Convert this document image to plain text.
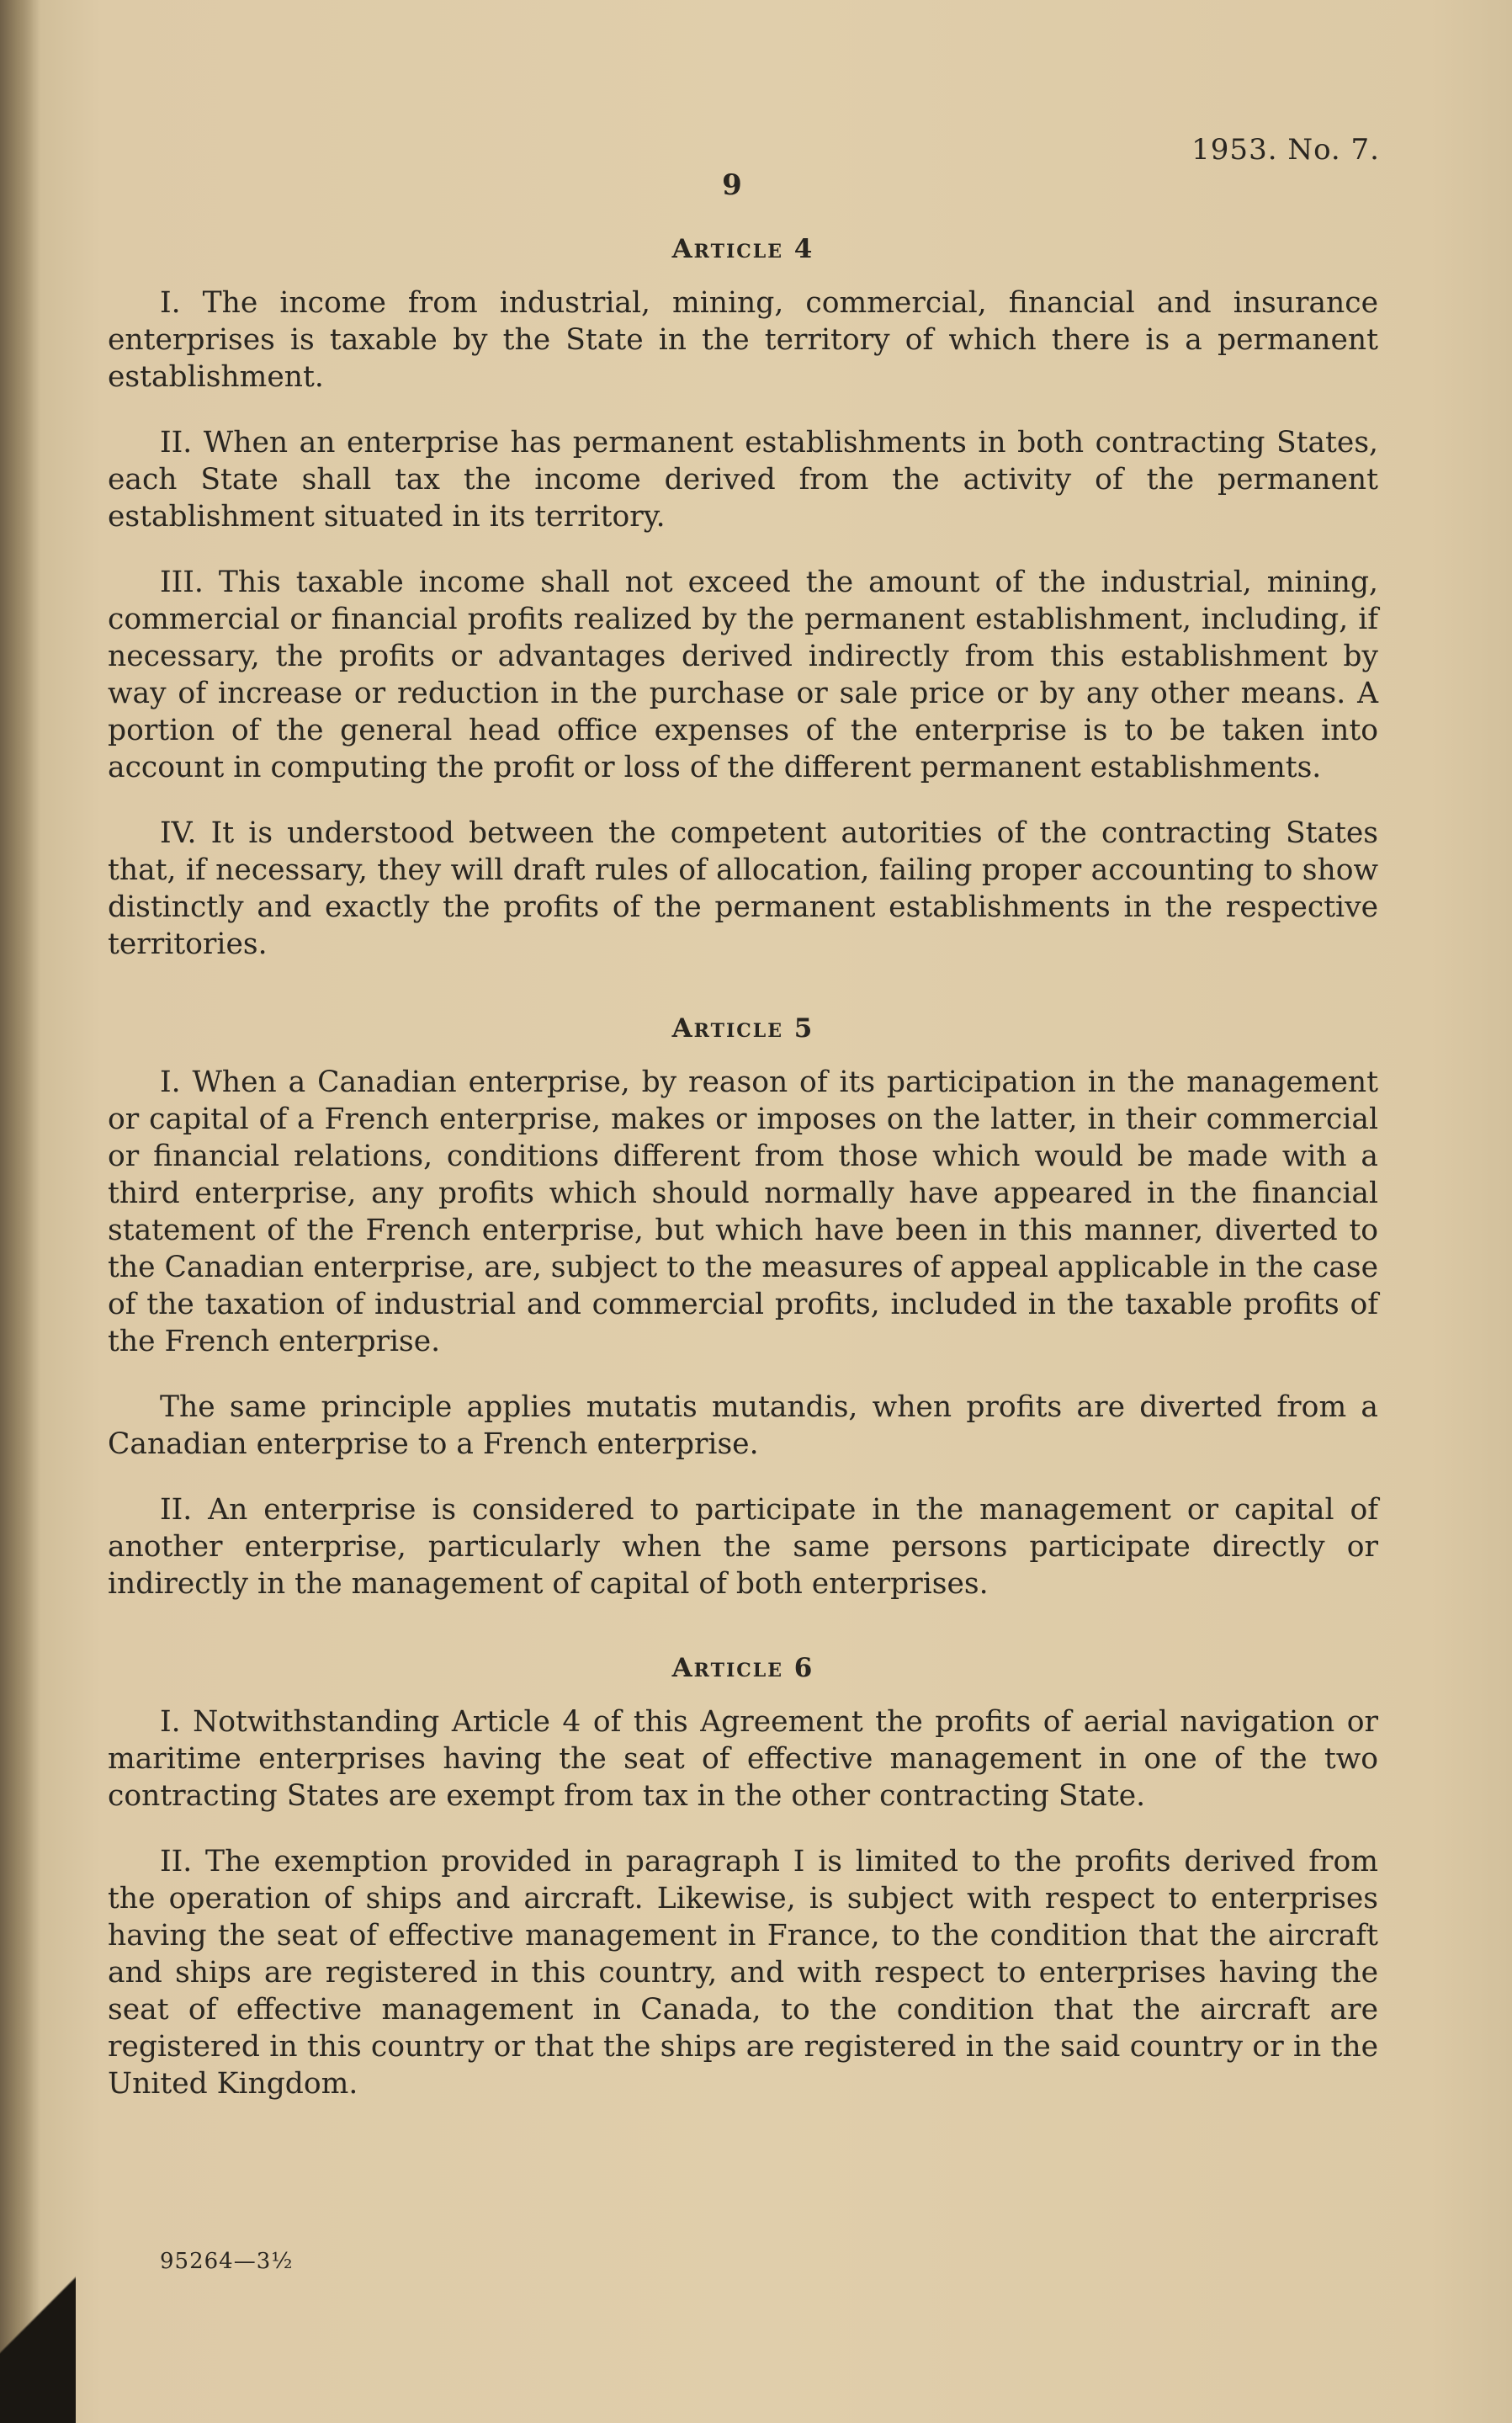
1953. No. 7.
9
Article 4

I. The income from industrial, mining, commercial, financial and insurance enterprises is taxable by the State in the territory of which there is a permanent establishment.

II. When an enterprise has permanent establishments in both contracting States, each State shall tax the income derived from the activity of the permanent establishment situated in its territory.

III. This taxable income shall not exceed the amount of the industrial, mining, commercial or financial profits realized by the permanent establishment, including, if necessary, the profits or advantages derived indirectly from this establishment by way of increase or reduction in the purchase or sale price or by any other means. A portion of the general head office expenses of the enterprise is to be taken into account in computing the profit or loss of the different permanent establishments.

IV. It is understood between the competent autorities of the contracting States that, if necessary, they will draft rules of allocation, failing proper accounting to show distinctly and exactly the profits of the permanent establishments in the respective territories.

Article 5

I. When a Canadian enterprise, by reason of its participation in the management or capital of a French enterprise, makes or imposes on the latter, in their commercial or financial relations, conditions different from those which would be made with a third enterprise, any profits which should normally have appeared in the financial statement of the French enterprise, but which have been in this manner, diverted to the Canadian enterprise, are, subject to the measures of appeal applicable in the case of the taxation of industrial and commercial profits, included in the taxable profits of the French enterprise.

The same principle applies mutatis mutandis, when profits are diverted from a Canadian enterprise to a French enterprise.

II. An enterprise is considered to participate in the management or capital of another enterprise, particularly when the same persons participate directly or indirectly in the management of capital of both enterprises.

Article 6

I. Notwithstanding Article 4 of this Agreement the profits of aerial navigation or maritime enterprises having the seat of effective management in one of the two contracting States are exempt from tax in the other contracting State.

II. The exemption provided in paragraph I is limited to the profits derived from the operation of ships and aircraft. Likewise, is subject with respect to enterprises having the seat of effective management in France, to the condition that the aircraft and ships are registered in this country, and with respect to enterprises having the seat of effective management in Canada, to the condition that the aircraft are registered in this country or that the ships are registered in the said country or in the United Kingdom.

95264—3½
